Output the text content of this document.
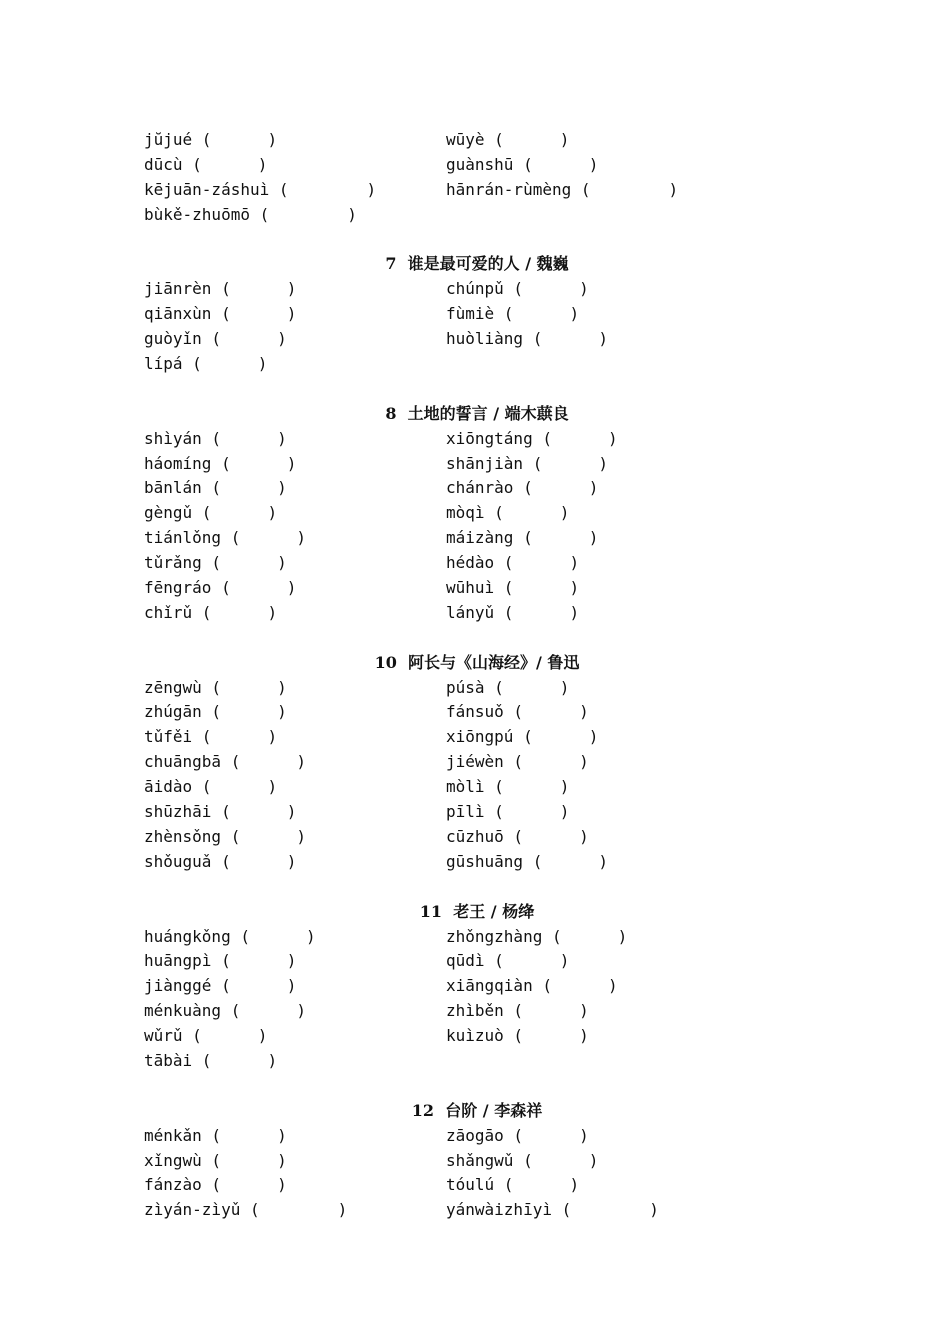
jŭjué (	)	wūyè (	)
dūcù (	)	guànshū (	)
kējuān-záshuì (	)	hānrán-rùmèng (	)
bùkě-zhuōmō (	)
7  谁是最可爱的人 / 魏巍
jiānrèn (	)	chúnpǔ (	)
qiānxùn (	)	fùmiè (	)
guòyǐn (	)	huòliàng (	)
lípá (	)
8  土地的誓言 / 端木蕻良
shìyán (	)	xiōngtáng (	)
háomíng (	)	shānjiàn (	)
bānlán (	)	chánrào (	)
gèngǔ (	)	mòqì (	)
tiánlǒng (	)	máizàng (	)
tǔrǎng (	)	hédào (	)
fēngráo (	)	wūhuì (	)
chǐrǔ (	)	lányǔ (	)
10  阿长与《山海经》/ 鲁迅
zēngwù (	)	púsà (	)
zhúgān (	)	fánsuǒ (	)
tǔfěi (	)	xiōngpú (	)
chuāngbā (	)	jiéwèn (	)
āidào (	)	mòlì (	)
shūzhāi (	)	pīlì (	)
zhènsǒng (	)	cūzhuō (	)
shǒuguǎ (	)	gūshuāng (	)
11  老王 / 杨绛
huángkǒng (	)	zhǒngzhàng (	)
huāngpì (	)	qūdì (	)
jiànggé (	)	xiāngqiàn (	)
ménkuàng (	)	zhìběn (	)
wǔrǔ (	)	kuìzuò (	)
tābài (	)
12  台阶 / 李森祥
ménkǎn (	)	zāogāo (	)
xǐngwù (	)	shǎngwǔ (	)
fánzào (	)	tóulú (	)
zìyán-zìyǔ (	)	yánwàizhīyì (	)
